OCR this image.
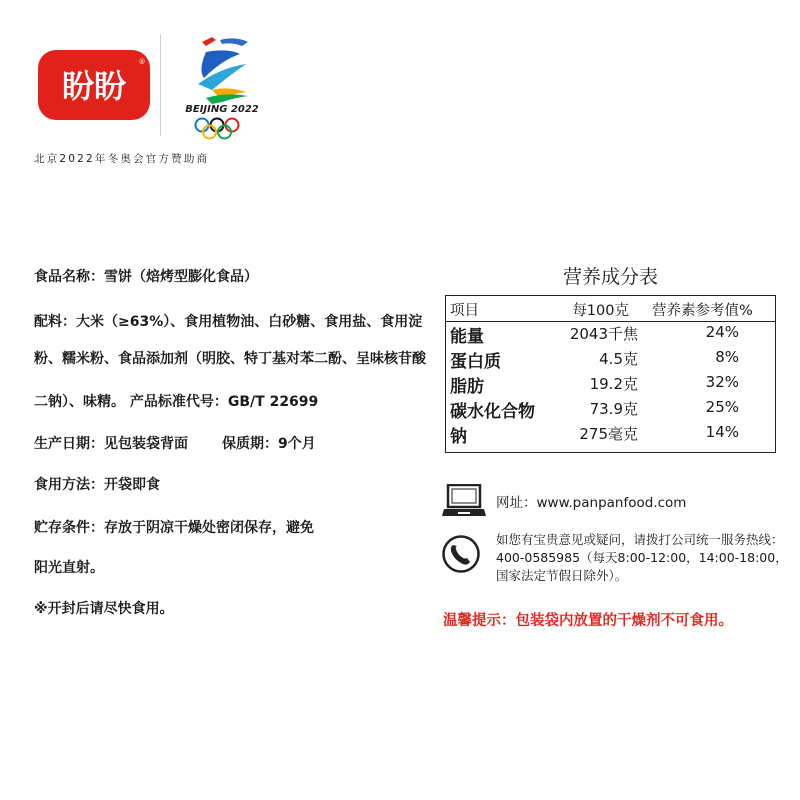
盼盼
®
BEIJING 2022
北京2022年冬奥会官方赞助商

食品名称：雪饼（焙烤型膨化食品）

配料：大米（≥63%）、食用植物油、白砂糖、食用盐、食用淀

粉、糯米粉、食品添加剂（明胶、特丁基对苯二酚、呈味核苷酸

二钠）、味精。 产品标准代号：GB/T 22699

生产日期：见包装袋背面 保质期：9个月

食用方法：开袋即食

贮存条件：存放于阴凉干燥处密闭保存，避免

阳光直射。

※开封后请尽快食用。

营养成分表
项目	每100克 营养素参考值%
能量	2043千焦	24%
蛋白质	4.5克	8%
脂肪	19.2克	32%
碳水化合物	73.9克	25%
钠	275毫克	14%
网址：www.panpanfood.com
如您有宝贵意见或疑问，请拨打公司统一服务热线：
400-0585985（每天8:00-12:00，14:00-18:00，
国家法定节假日除外）。
温馨提示：包装袋内放置的干燥剂不可食用。
